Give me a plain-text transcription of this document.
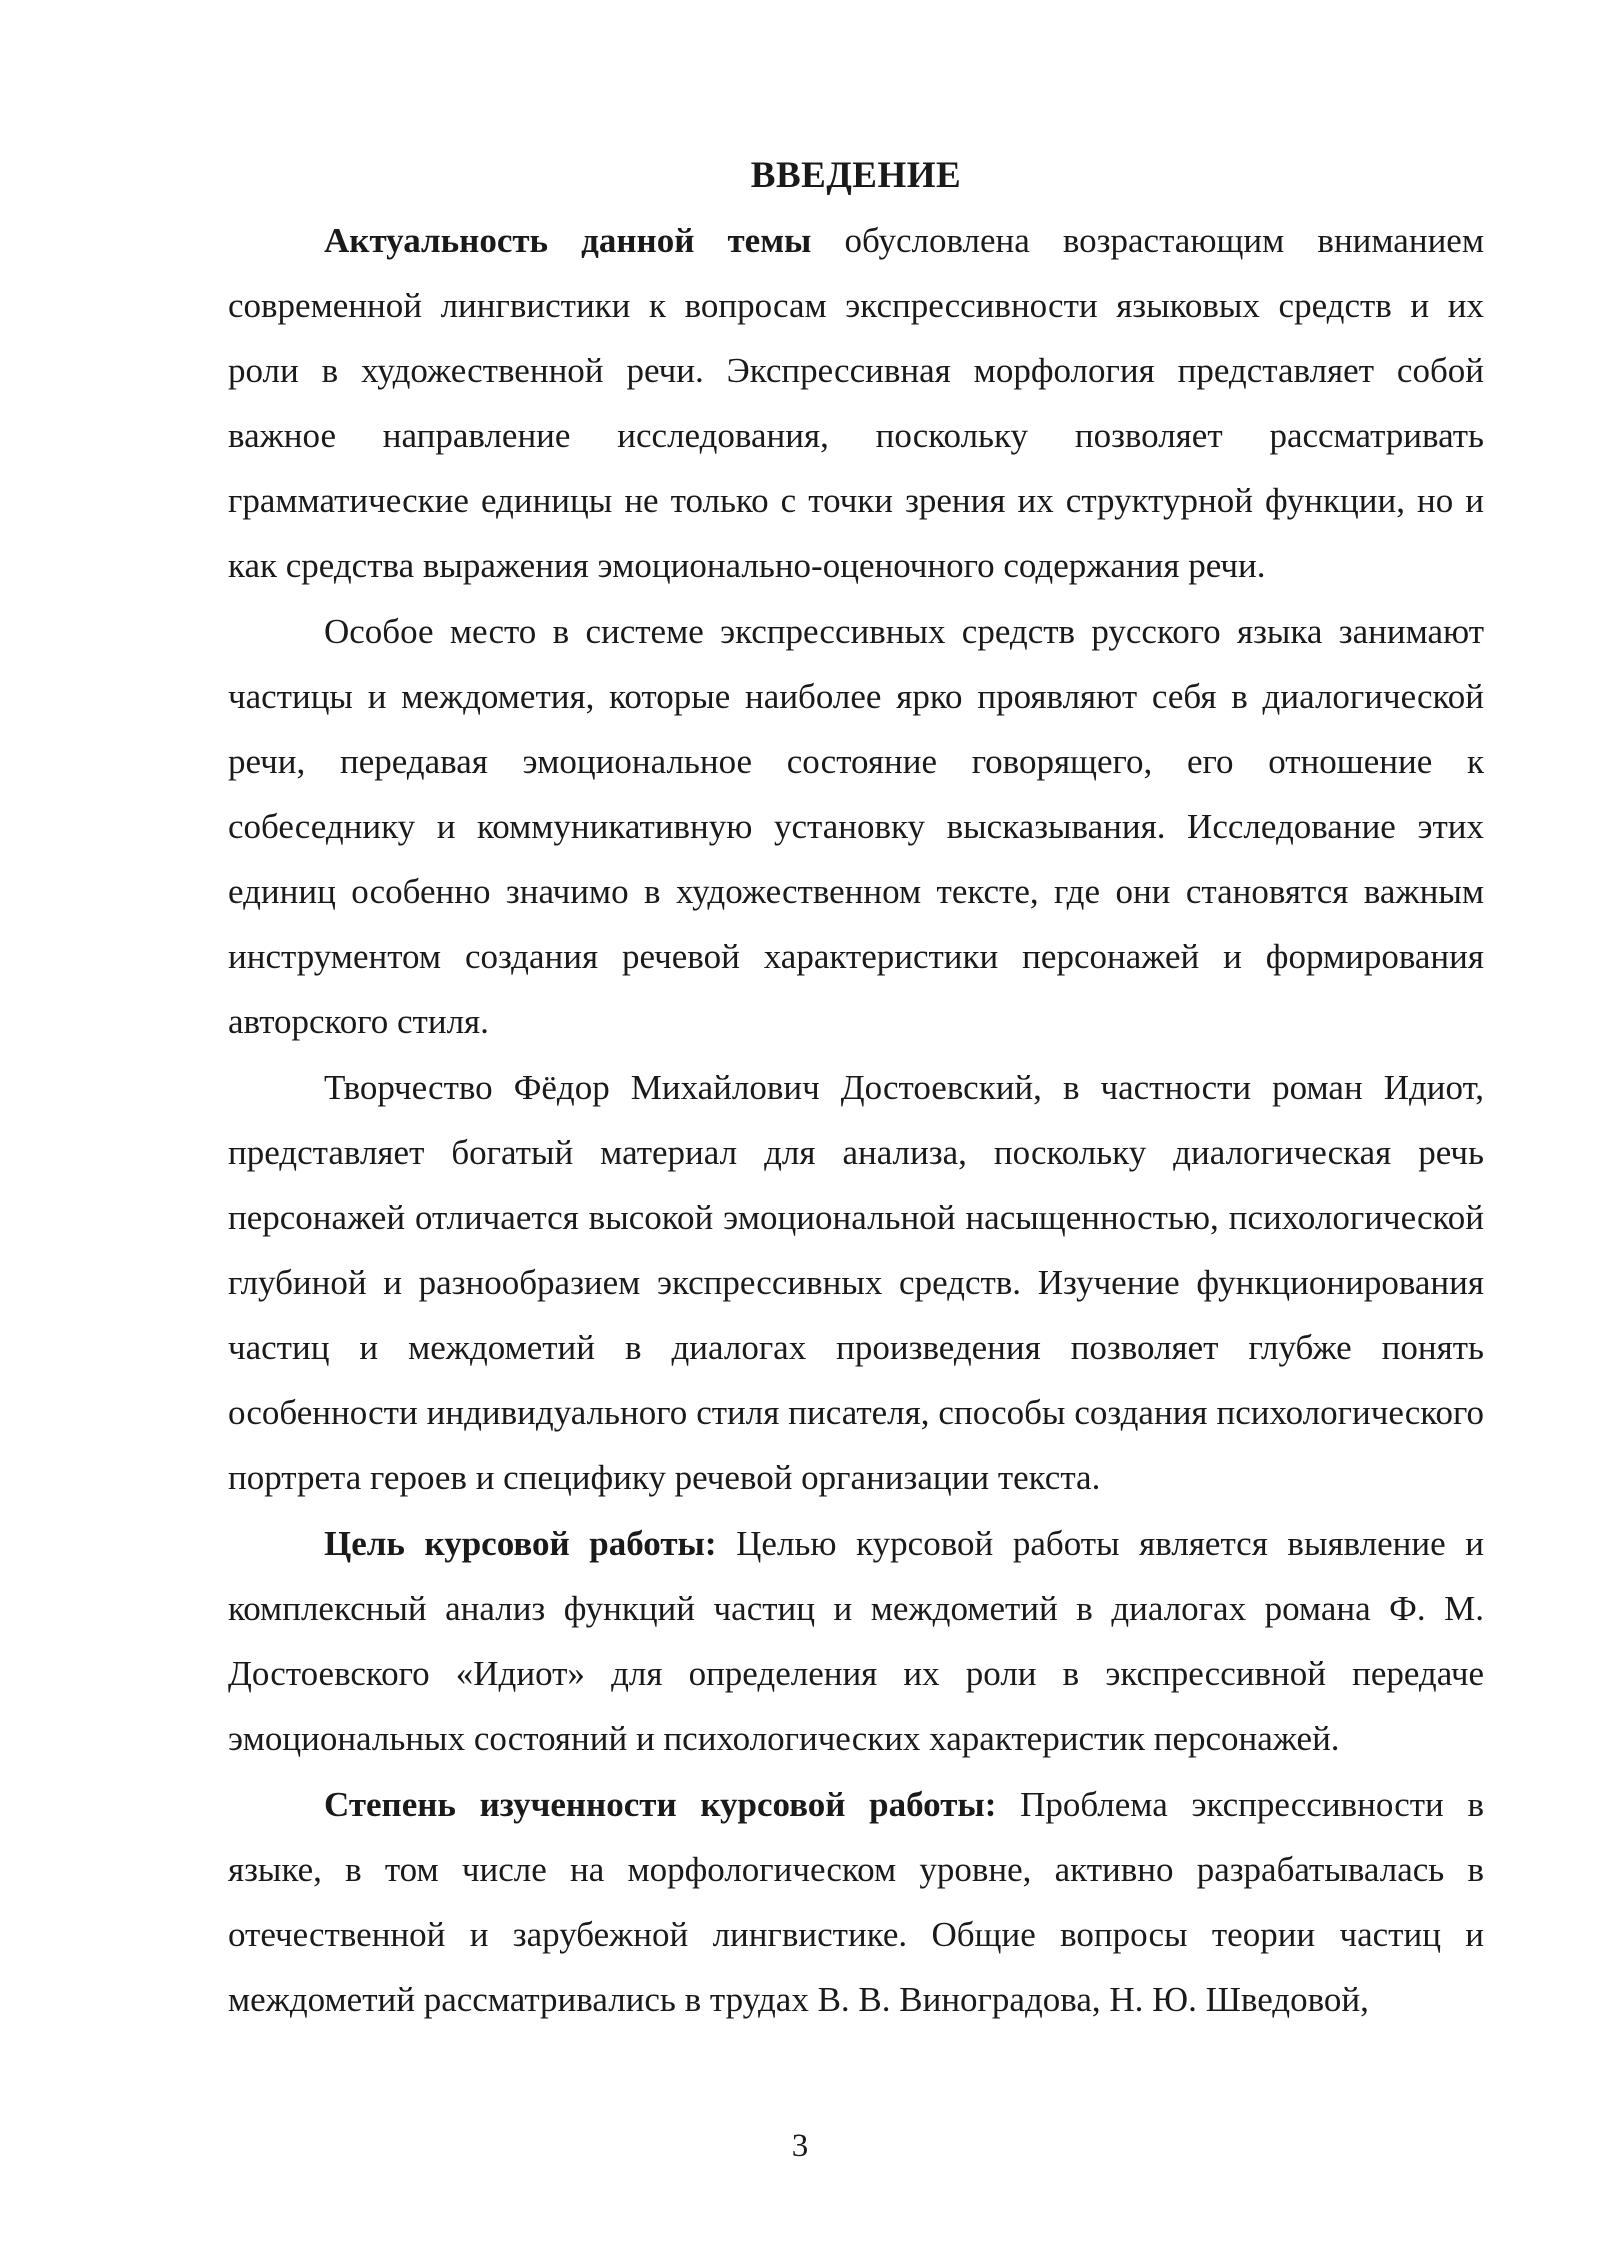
ВВЕДЕНИЕ

Актуальность данной темы обусловлена возрастающим вниманием современной лингвистики к вопросам экспрессивности языковых средств и их роли в художественной речи. Экспрессивная морфология представляет собой важное направление исследования, поскольку позволяет рассматривать грамматические единицы не только с точки зрения их структурной функции, но и как средства выражения эмоционально-оценочного содержания речи.

Особое место в системе экспрессивных средств русского языка занимают частицы и междометия, которые наиболее ярко проявляют себя в диалогической речи, передавая эмоциональное состояние говорящего, его отношение к собеседнику и коммуникативную установку высказывания. Исследование этих единиц особенно значимо в художественном тексте, где они становятся важным инструментом создания речевой характеристики персонажей и формирования авторского стиля.

Творчество Фёдор Михайлович Достоевский, в частности роман Идиот, представляет богатый материал для анализа, поскольку диалогическая речь персонажей отличается высокой эмоциональной насыщенностью, психологической глубиной и разнообразием экспрессивных средств. Изучение функционирования частиц и междометий в диалогах произведения позволяет глубже понять особенности индивидуального стиля писателя, способы создания психологического портрета героев и специфику речевой организации текста.

Цель курсовой работы: Целью курсовой работы является выявление и комплексный анализ функций частиц и междометий в диалогах романа Ф. М. Достоевского «Идиот» для определения их роли в экспрессивной передаче эмоциональных состояний и психологических характеристик персонажей.

Степень изученности курсовой работы: Проблема экспрессивности в языке, в том числе на морфологическом уровне, активно разрабатывалась в отечественной и зарубежной лингвистике. Общие вопросы теории частиц и междометий рассматривались в трудах В. В. Виноградова, Н. Ю. Шведовой,

3
